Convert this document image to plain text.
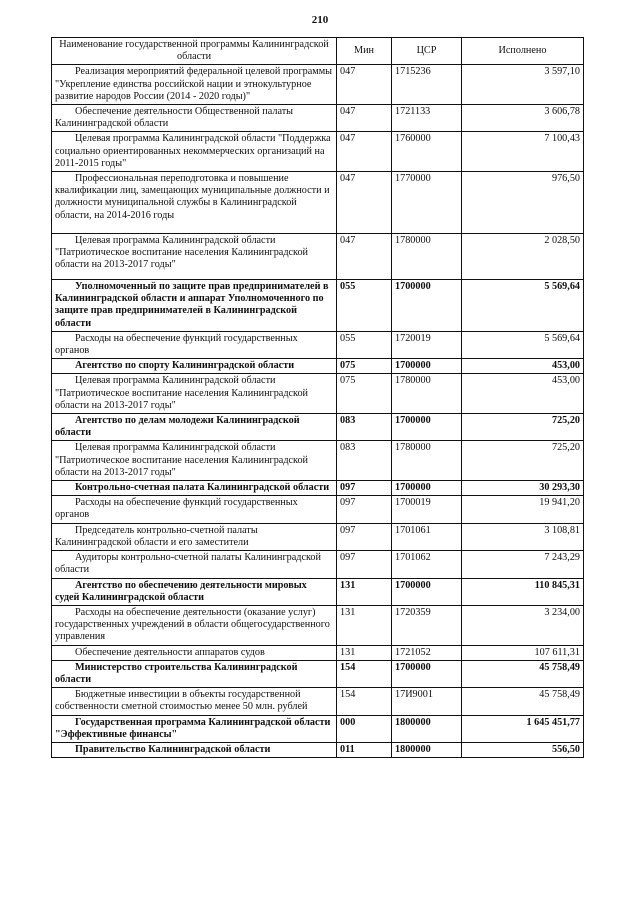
210
Наименование государственной программы Калининградской области	Мин	ЦСР	Исполнено
Реализация мероприятий федеральной целевой программы "Укрепление единства российской нации и этнокультурное развитие народов России (2014 - 2020 годы)"	047	1715236	3 597,10
Обеспечение деятельности Общественной палаты Калининградской области	047	1721133	3 606,78
Целевая программа Калининградской области "Поддержка социально ориентированных некоммерческих организаций на 2011-2015 годы"	047	1760000	7 100,43
Профессиональная переподготовка и повышение квалификации лиц, замещающих муниципальные должности и должности муниципальной службы в Калининградской области, на 2014-2016 годы	047	1770000	976,50
Целевая программа Калининградской области "Патриотическое воспитание населения Калининградской области на 2013-2017 годы"	047	1780000	2 028,50
Уполномоченный по защите прав предпринимателей в Калининградской области и аппарат Уполномоченного по защите прав предпринимателей в Калининградской области	055	1700000	5 569,64
Расходы на обеспечение функций государственных органов	055	1720019	5 569,64
Агентство по спорту Калининградской области	075	1700000	453,00
Целевая программа Калининградской области "Патриотическое воспитание населения Калининградской области на 2013-2017 годы"	075	1780000	453,00
Агентство по делам молодежи Калининградской области	083	1700000	725,20
Целевая программа Калининградской области "Патриотическое воспитание населения Калининградской области на 2013-2017 годы"	083	1780000	725,20
Контрольно-счетная палата Калининградской области	097	1700000	30 293,30
Расходы на обеспечение функций государственных органов	097	1700019	19 941,20
Председатель контрольно-счетной палаты Калининградской области и его заместители	097	1701061	3 108,81
Аудиторы контрольно-счетной палаты Калининградской области	097	1701062	7 243,29
Агентство по обеспечению деятельности мировых судей Калининградской области	131	1700000	110 845,31
Расходы на обеспечение деятельности (оказание услуг) государственных учреждений в области общегосударственного управления	131	1720359	3 234,00
Обеспечение деятельности аппаратов судов	131	1721052	107 611,31
Министерство строительства Калининградской области	154	1700000	45 758,49
Бюджетные инвестиции в объекты государственной собственности сметной стоимостью менее 50 млн. рублей	154	17И9001	45 758,49
Государственная программа Калининградской области "Эффективные финансы"	000	1800000	1 645 451,77
Правительство Калининградской области	011	1800000	556,50
